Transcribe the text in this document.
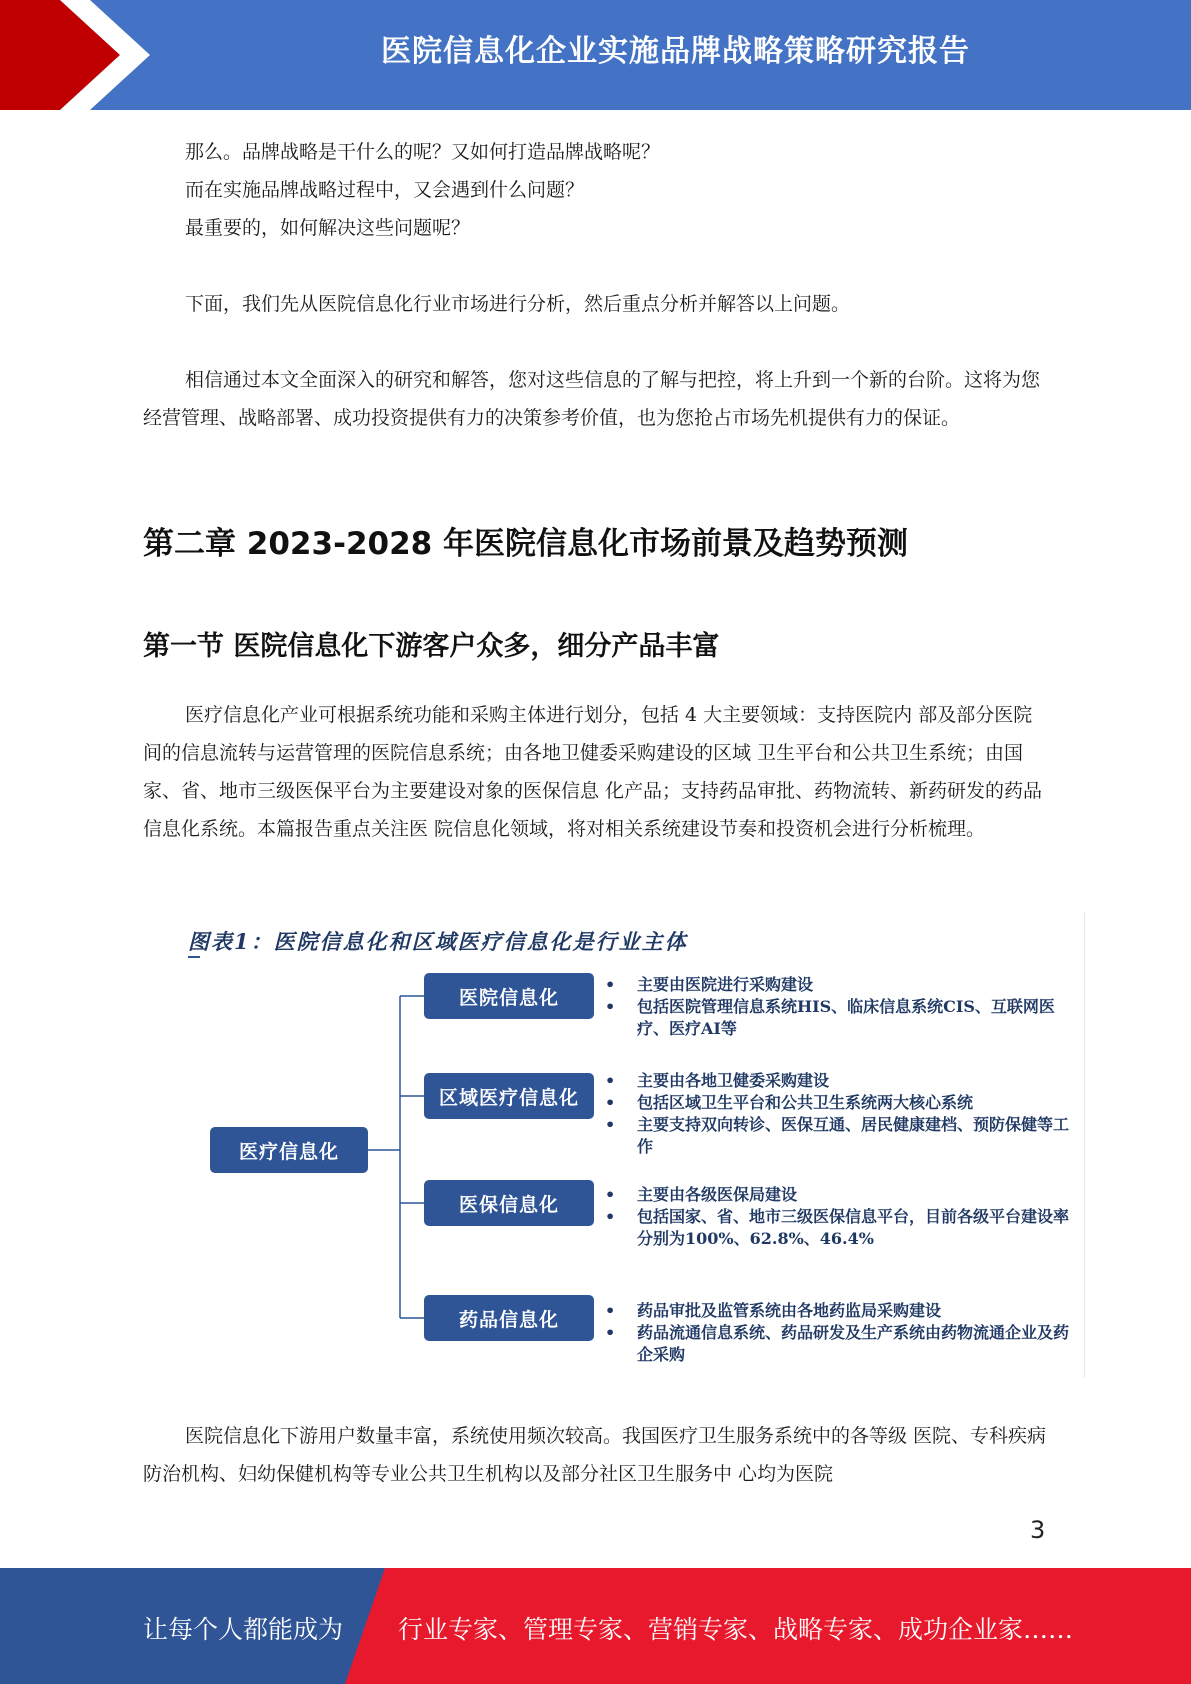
医院信息化企业实施品牌战略策略研究报告

那么。品牌战略是干什么的呢？又如何打造品牌战略呢？

而在实施品牌战略过程中，又会遇到什么问题？

最重要的，如何解决这些问题呢？

下面，我们先从医院信息化行业市场进行分析，然后重点分析并解答以上问题。

相信通过本文全面深入的研究和解答，您对这些信息的了解与把控，将上升到一个新的台阶。这将为您经营管理、战略部署、成功投资提供有力的决策参考价值，也为您抢占市场先机提供有力的保证。

第二章 2023-2028 年医院信息化市场前景及趋势预测
第一节 医院信息化下游客户众多，细分产品丰富

医疗信息化产业可根据系统功能和采购主体进行划分，包括 4 大主要领域：支持医院内 部及部分医院间的信息流转与运营管理的医院信息系统；由各地卫健委采购建设的区域 卫生平台和公共卫生系统；由国家、省、地市三级医保平台为主要建设对象的医保信息 化产品；支持药品审批、药物流转、新药研发的药品信息化系统。本篇报告重点关注医 院信息化领域，将对相关系统建设节奏和投资机会进行分析梳理。

图表1：医院信息化和区域医疗信息化是行业主体

医疗信息化
医院信息化
区域医疗信息化
医保信息化
药品信息化
• 主要由医院进行采购建设
• 包括医院管理信息系统HIS、临床信息系统CIS、互联网医疗、医疗AI等
• 主要由各地卫健委采购建设
• 包括区域卫生平台和公共卫生系统两大核心系统
• 主要支持双向转诊、医保互通、居民健康建档、预防保健等工作
• 主要由各级医保局建设
• 包括国家、省、地市三级医保信息平台，目前各级平台建设率分别为100%、62.8%、46.4%
• 药品审批及监管系统由各地药监局采购建设
• 药品流通信息系统、药品研发及生产系统由药物流通企业及药企采购

医院信息化下游用户数量丰富，系统使用频次较高。我国医疗卫生服务系统中的各等级 医院、专科疾病防治机构、妇幼保健机构等专业公共卫生机构以及部分社区卫生服务中 心均为医院

3
让每个人都能成为 行业专家、管理专家、营销专家、战略专家、成功企业家……
